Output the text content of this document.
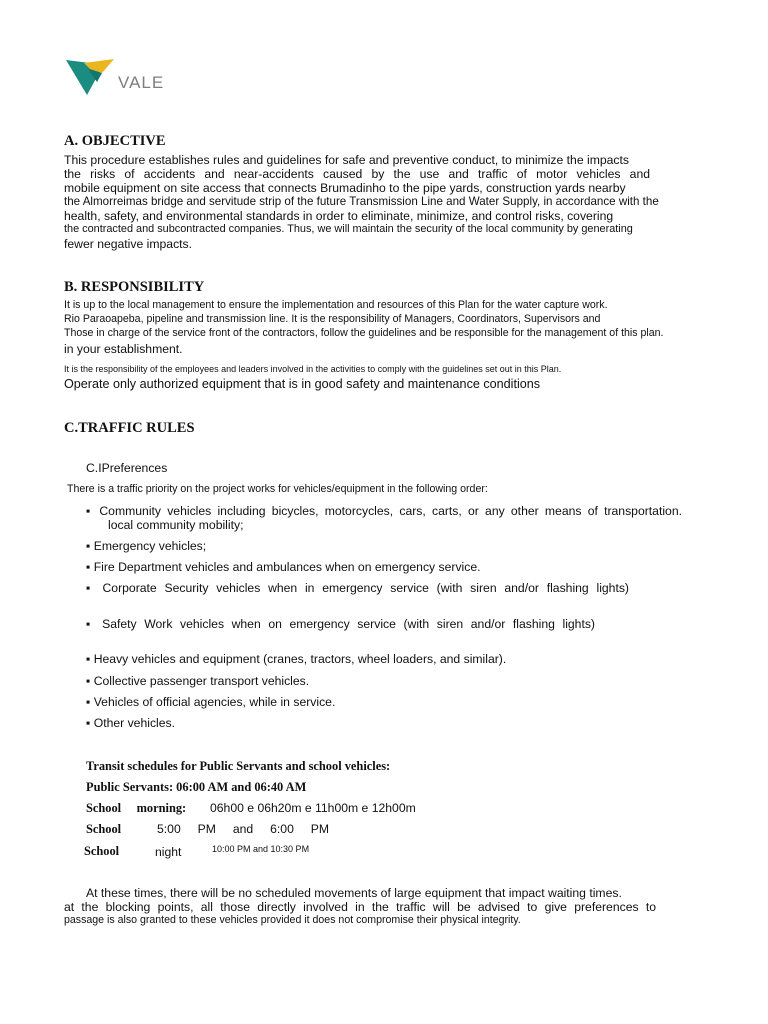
VALE
A. OBJECTIVE
This procedure establishes rules and guidelines for safe and preventive conduct, to minimize the impacts
the risks of accidents and near-accidents caused by the use and traffic of motor vehicles and
mobile equipment on site access that connects Brumadinho to the pipe yards, construction yards nearby
the Almorreimas bridge and servitude strip of the future Transmission Line and Water Supply, in accordance with the
health, safety, and environmental standards in order to eliminate, minimize, and control risks, covering
the contracted and subcontracted companies. Thus, we will maintain the security of the local community by generating
fewer negative impacts.
B. RESPONSIBILITY
It is up to the local management to ensure the implementation and resources of this Plan for the water capture work.
Rio Paraoapeba, pipeline and transmission line. It is the responsibility of Managers, Coordinators, Supervisors and
Those in charge of the service front of the contractors, follow the guidelines and be responsible for the management of this plan.
in your establishment.
It is the responsibility of the employees and leaders involved in the activities to comply with the guidelines set out in this Plan.
Operate only authorized equipment that is in good safety and maintenance conditions
C.TRAFFIC RULES
C.IPreferences
There is a traffic priority on the project works for vehicles/equipment in the following order:
▪ Community vehicles including bicycles, motorcycles, cars, carts, or any other means of transportation.
local community mobility;
▪ Emergency vehicles;
▪ Fire Department vehicles and ambulances when on emergency service.
▪ Corporate Security vehicles when in emergency service (with siren and/or flashing lights)
▪ Safety Work vehicles when on emergency service (with siren and/or flashing lights)
▪ Heavy vehicles and equipment (cranes, tractors, wheel loaders, and similar).
▪ Collective passenger transport vehicles.
▪ Vehicles of official agencies, while in service.
▪ Other vehicles.
Transit schedules for Public Servants and school vehicles:
Public Servants: 06:00 AM and 06:40 AM
School     morning: 06h00 e 06h20m e 11h00m e 12h00m
School	5:00     PM     and     6:00     PM
School	night	10:00 PM and 10:30 PM
At these times, there will be no scheduled movements of large equipment that impact waiting times.
at the blocking points, all those directly involved in the traffic will be advised to give preferences to
passage is also granted to these vehicles provided it does not compromise their physical integrity.
